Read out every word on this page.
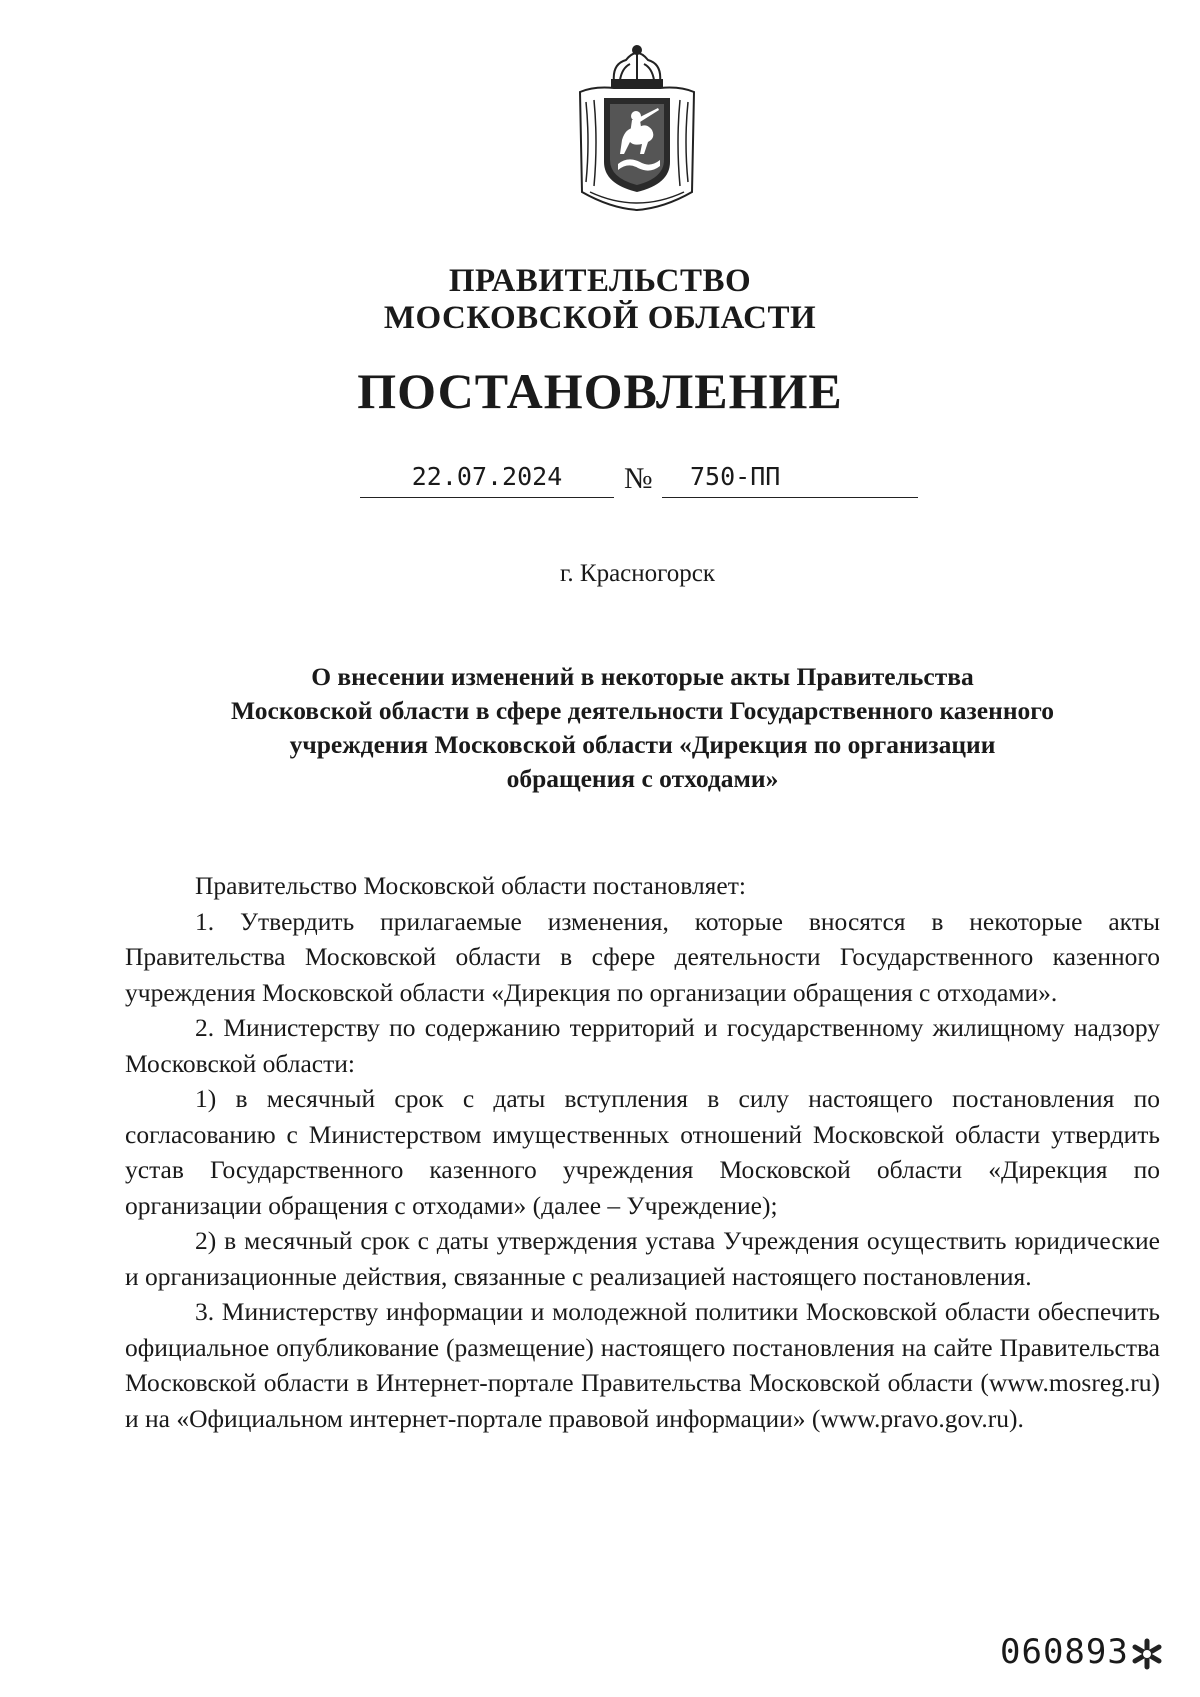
ПРАВИТЕЛЬСТВО
МОСКОВСКОЙ ОБЛАСТИ
ПОСТАНОВЛЕНИЕ
22.07.2024	№ 750-ПП
г. Красногорск
О внесении изменений в некоторые акты Правительства
Московской области в сфере деятельности Государственного казенного
учреждения Московской области «Дирекция по организации
обращения с отходами»

Правительство Московской области постановляет:

1. Утвердить прилагаемые изменения, которые вносятся в некоторые акты Правительства Московской области в сфере деятельности Государственного казенного учреждения Московской области «Дирекция по организации обращения с отходами».

2. Министерству по содержанию территорий и государственному жилищному надзору Московской области:

1) в месячный срок с даты вступления в силу настоящего постановления по согласованию с Министерством имущественных отношений Московской области утвердить устав Государственного казенного учреждения Московской области «Дирекция по организации обращения с отходами» (далее – Учреждение);

2) в месячный срок с даты утверждения устава Учреждения осуществить юридические и организационные действия, связанные с реализацией настоящего постановления.

3. Министерству информации и молодежной политики Московской области обеспечить официальное опубликование (размещение) настоящего постановления на сайте Правительства Московской области в Интернет-портале Правительства Московской области (www.mosreg.ru) и на «Официальном интернет-портале правовой информации» (www.pravo.gov.ru).

060893
